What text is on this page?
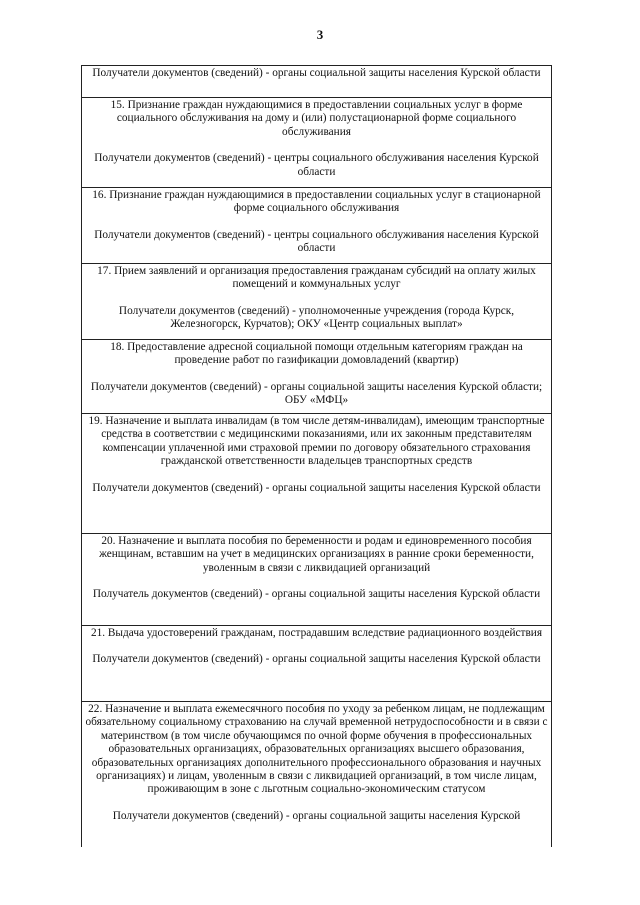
3

Получатели документов (сведений) - органы социальной защиты населения Курской области

15. Признание граждан нуждающимися в предоставлении социальных услуг в форме социального обслуживания на дому и (или) полустационарной форме социального обслуживания

Получатели документов (сведений) - центры социального обслуживания населения Курской области

16. Признание граждан нуждающимися в предоставлении социальных услуг в стационарной форме социального обслуживания

Получатели документов (сведений) - центры социального обслуживания населения Курской области

17. Прием заявлений и организация предоставления гражданам субсидий на оплату жилых помещений и коммунальных услуг

Получатели документов (сведений) - уполномоченные учреждения (города Курск, Железногорск, Курчатов); ОКУ «Центр социальных выплат»

18. Предоставление адресной социальной помощи отдельным категориям граждан на проведение работ по газификации домовладений (квартир)

Получатели документов (сведений) - органы социальной защиты населения Курской области; ОБУ «МФЦ»

19. Назначение и выплата инвалидам (в том числе детям-инвалидам), имеющим транспортные средства в соответствии с медицинскими показаниями, или их законным представителям компенсации уплаченной ими страховой премии по договору обязательного страхования гражданской ответственности владельцев транспортных средств

Получатели документов (сведений) - органы социальной защиты населения Курской области

20. Назначение и выплата пособия по беременности и родам и единовременного пособия женщинам, вставшим на учет в медицинских организациях в ранние сроки беременности, уволенным в связи с ликвидацией организаций

Получатель документов (сведений) - органы социальной защиты населения Курской области

21. Выдача удостоверений гражданам, пострадавшим вследствие радиационного воздействия

Получатели документов (сведений) - органы социальной защиты населения Курской области

22. Назначение и выплата ежемесячного пособия по уходу за ребенком лицам, не подлежащим обязательному социальному страхованию на случай временной нетрудоспособности и в связи с материнством (в том числе обучающимся по очной форме обучения в профессиональных образовательных организациях, образовательных организациях высшего образования, образовательных организациях дополнительного профессионального образования и научных организациях) и лицам, уволенным в связи с ликвидацией организаций, в том числе лицам, проживающим в зоне с льготным социально-экономическим статусом

Получатели документов (сведений) - органы социальной защиты населения Курской
